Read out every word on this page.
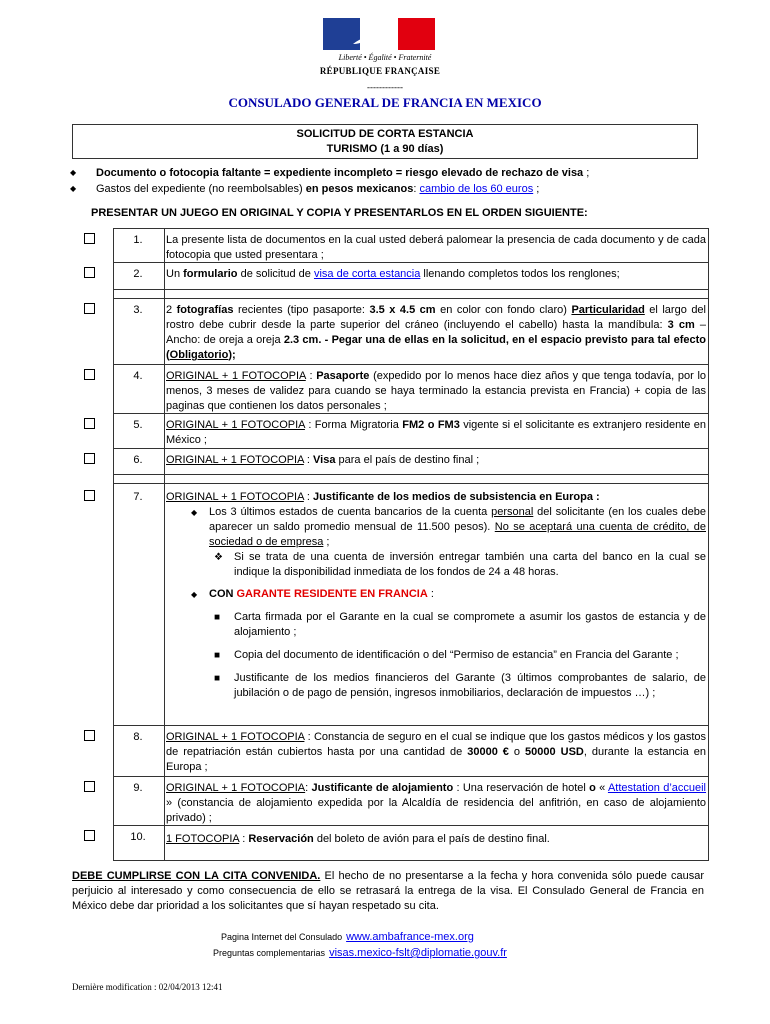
Liberté • Égalité • Fraternité
RÉPUBLIQUE FRANÇAISE
------------
CONSULADO GENERAL DE FRANCIA EN MEXICO
SOLICITUD DE CORTA ESTANCIA
TURISMO (1 a 90 días)
◆	Documento o fotocopia faltante = expediente incompleto = riesgo elevado de rechazo de visa ;
◆	Gastos del expediente (no reembolsables) en pesos mexicanos: cambio de los 60 euros ;
PRESENTAR UN JUEGO EN ORIGINAL Y COPIA Y PRESENTARLOS EN EL ORDEN SIGUIENTE:
1.	La presente lista de documentos en la cual usted deberá palomear la presencia de cada documento y de cada fotocopia que usted presentara ;
2.	Un formulario de solicitud de visa de corta estancia llenando completos todos los renglones;
3.	2 fotografías recientes (tipo pasaporte: 3.5 x 4.5 cm en color con fondo claro) Particularidad el largo del rostro debe cubrir desde la parte superior del cráneo (incluyendo el cabello) hasta la mandíbula: 3 cm – Ancho: de oreja a oreja 2.3 cm. - Pegar una de ellas en la solicitud, en el espacio previsto para tal efecto (Obligatorio);
4.	ORIGINAL + 1 FOTOCOPIA : Pasaporte (expedido por lo menos hace diez años y que tenga todavía, por lo menos, 3 meses de validez para cuando se haya terminado la estancia prevista en Francia) + copia de las paginas que contienen los datos personales ;
5.	ORIGINAL + 1 FOTOCOPIA : Forma Migratoria FM2 o FM3 vigente si el solicitante es extranjero residente en México ;
6.	ORIGINAL + 1 FOTOCOPIA : Visa para el país de destino final ;
7.	ORIGINAL + 1 FOTOCOPIA : Justificante de los medios de subsistencia en Europa :

◆ Los 3 últimos estados de cuenta bancarios de la cuenta personal del solicitante (en los cuales debe aparecer un saldo promedio mensual de 11.500 pesos). No se aceptará una cuenta de crédito, de sociedad o de empresa ;

❖ Si se trata de una cuenta de inversión entregar también una carta del banco en la cual se indique la disponibilidad inmediata de los fondos de 24 a 48 horas.

◆ CON GARANTE RESIDENTE EN FRANCIA :

■ Carta firmada por el Garante en la cual se compromete a asumir los gastos de estancia y de alojamiento ;

■ Copia del documento de identificación o del “Permiso de estancia” en Francia del Garante ;

■ Justificante de los medios financieros del Garante (3 últimos comprobantes de salario, de jubilación o de pago de pensión, ingresos inmobiliarios, declaración de impuestos …) ;

8.	ORIGINAL + 1 FOTOCOPIA : Constancia de seguro en el cual se indique que los gastos médicos y los gastos de repatriación están cubiertos hasta por una cantidad de 30000 € o 50000 USD, durante la estancia en Europa ;
9.	ORIGINAL + 1 FOTOCOPIA: Justificante de alojamiento : Una reservación de hotel o « Attestation d’accueil » (constancia de alojamiento expedida por la Alcaldía de residencia del anfitrión, en caso de alojamiento privado) ;
10.	1 FOTOCOPIA : Reservación del boleto de avión para el país de destino final.
DEBE CUMPLIRSE CON LA CITA CONVENIDA. El hecho de no presentarse a la fecha y hora convenida sólo puede causar perjuicio al interesado y como consecuencia de ello se retrasará la entrega de la visa. El Consulado General de Francia en México debe dar prioridad a los solicitantes que sí hayan respetado su cita.
Pagina Internet del Consulado www.ambafrance-mex.org
Preguntas complementarias visas.mexico-fslt@diplomatie.gouv.fr
Dernière modification : 02/04/2013 12:41
